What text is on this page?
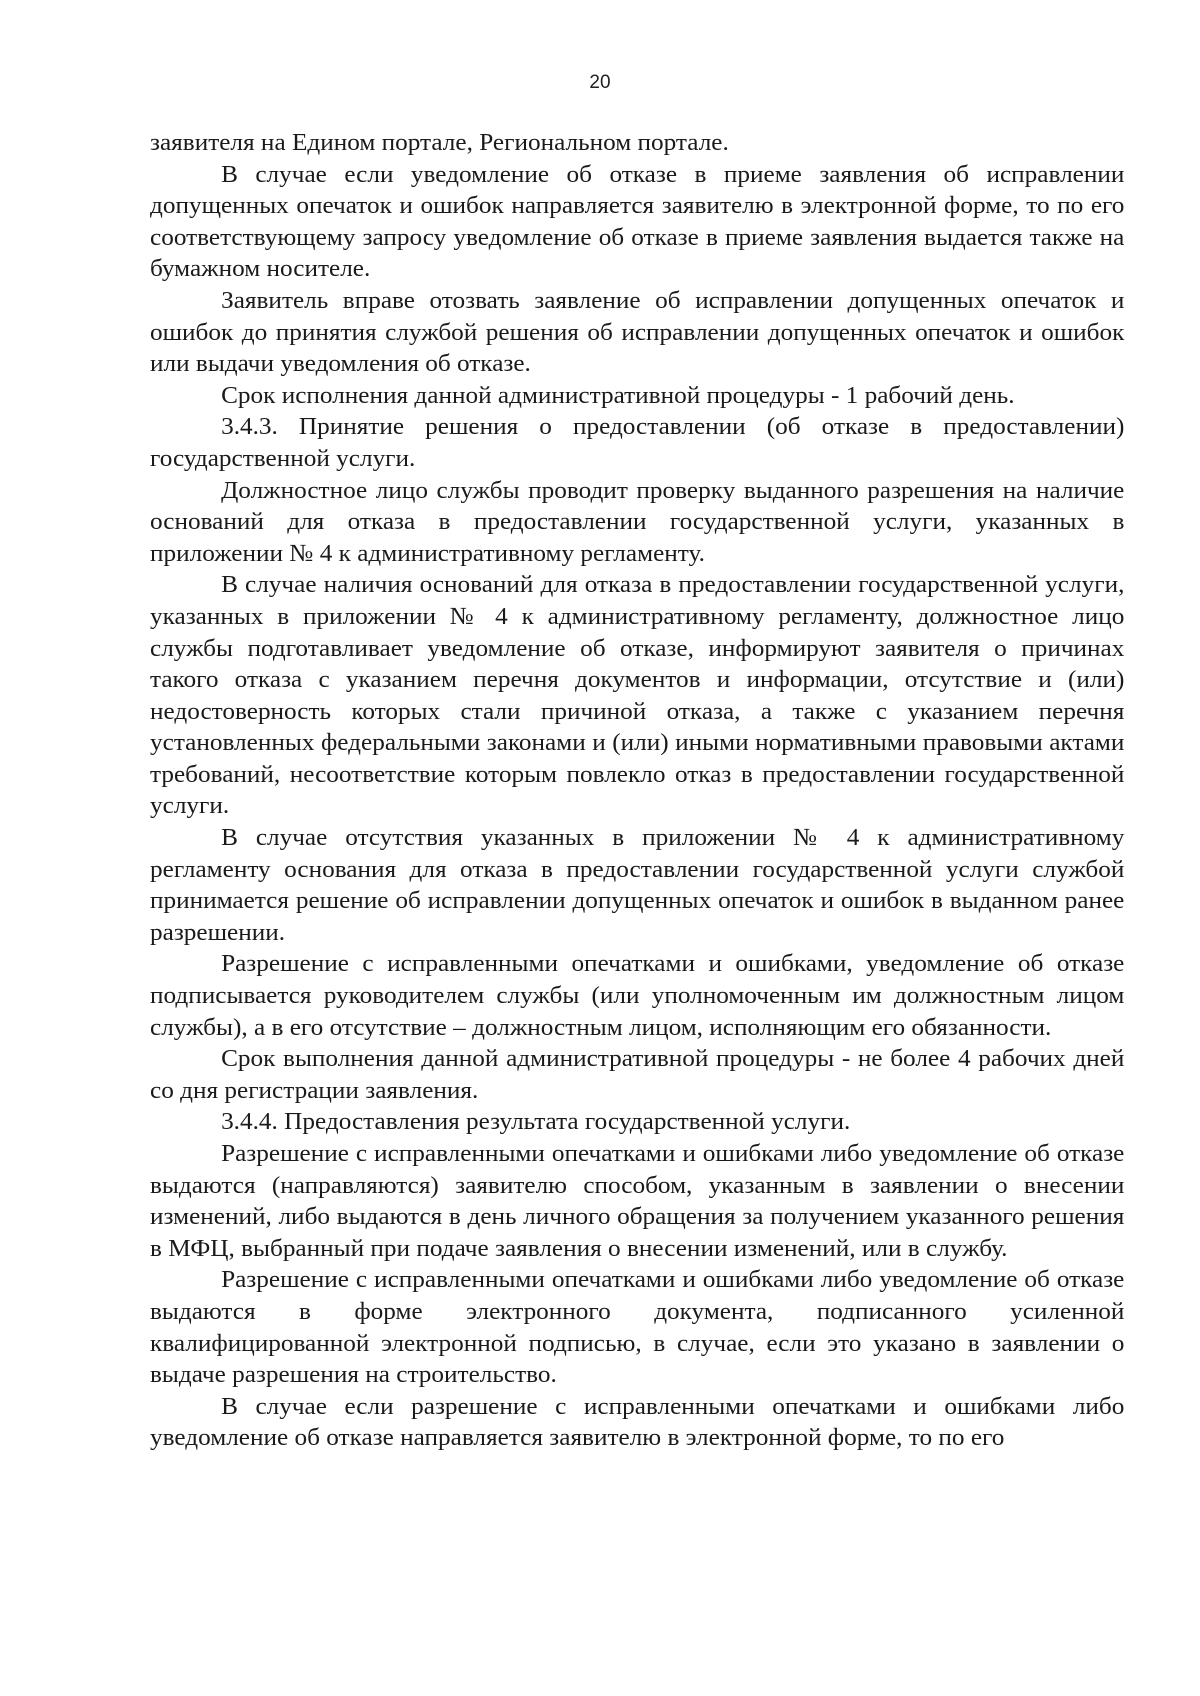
20

заявителя на Едином портале, Региональном портале.

В случае если уведомление об отказе в приеме заявления об исправлении допущенных опечаток и ошибок направляется заявителю в электронной форме, то по его соответствующему запросу уведомление об отказе в приеме заявления выдается также на бумажном носителе.

Заявитель вправе отозвать заявление об исправлении допущенных опечаток и ошибок до принятия службой решения об исправлении допущенных опечаток и ошибок или выдачи уведомления об отказе.

Срок исполнения данной административной процедуры - 1 рабочий день.

3.4.3. Принятие решения о предоставлении (об отказе в предоставлении) государственной услуги.

Должностное лицо службы проводит проверку выданного разрешения на наличие оснований для отказа в предоставлении государственной услуги, указанных в приложении № 4 к административному регламенту.

В случае наличия оснований для отказа в предоставлении государственной услуги, указанных в приложении № 4 к административному регламенту, должностное лицо службы подготавливает уведомление об отказе, информируют заявителя о причинах такого отказа с указанием перечня документов и информации, отсутствие и (или) недостоверность которых стали причиной отказа, а также с указанием перечня установленных федеральными законами и (или) иными нормативными правовыми актами требований, несоответствие которым повлекло отказ в предоставлении государственной услуги.

В случае отсутствия указанных в приложении № 4 к административному регламенту основания для отказа в предоставлении государственной услуги службой принимается решение об исправлении допущенных опечаток и ошибок в выданном ранее разрешении.

Разрешение с исправленными опечатками и ошибками, уведомление об отказе подписывается руководителем службы (или уполномоченным им должностным лицом службы), а в его отсутствие – должностным лицом, исполняющим его обязанности.

Срок выполнения данной административной процедуры - не более 4 рабочих дней со дня регистрации заявления.

3.4.4. Предоставления результата государственной услуги.

Разрешение с исправленными опечатками и ошибками либо уведомление об отказе выдаются (направляются) заявителю способом, указанным в заявлении о внесении изменений, либо выдаются в день личного обращения за получением указанного решения в МФЦ, выбранный при подаче заявления о внесении изменений, или в службу.

Разрешение с исправленными опечатками и ошибками либо уведомление об отказе выдаются в форме электронного документа, подписанного усиленной квалифицированной электронной подписью, в случае, если это указано в заявлении о выдаче разрешения на строительство.

В случае если разрешение с исправленными опечатками и ошибками либо уведомление об отказе направляется заявителю в электронной форме, то по его
